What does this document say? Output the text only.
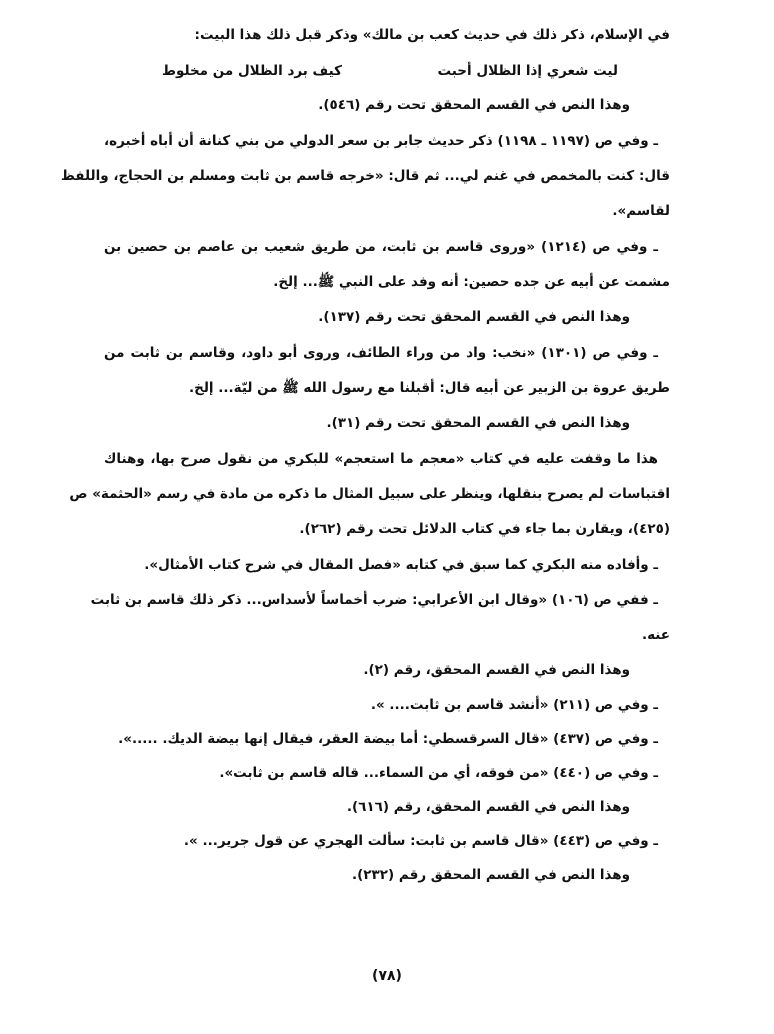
في الإسلام، ذكر ذلك في حديث كعب بن مالك» وذكر قبل ذلك هذا البيت:
ليت شعري إذا الظلال أحبت
كيف برد الظلال من مخلوط
وهذا النص في القسم المحقق تحت رقم (٥٤٦).
ـ وفي ص (١١٩٧ ـ ١١٩٨) ذكر حديث جابر بن سعر الدولي من بني كنانة أن أباه أخبره،
قال: كنت بالمخمص في غنم لي... ثم قال: «خرجه قاسم بن ثابت ومسلم بن الحجاج، واللفظ
لقاسم».
ـ وفي ص (١٢١٤) «وروى قاسم بن ثابت، من طريق شعيب بن عاصم بن حصين بن
مشمت عن أبيه عن جده حصين: أنه وفد على النبي ﷺ... إلخ.
وهذا النص في القسم المحقق تحت رقم (١٣٧).
ـ وفي ص (١٣٠١) «نخب: واد من وراء الطائف، وروى أبو داود، وقاسم بن ثابت من
طريق عروة بن الزبير عن أبيه قال: أقبلنا مع رسول الله ﷺ من ليّة... إلخ.
وهذا النص في القسم المحقق تحت رقم (٣١).
هذا ما وقفت عليه في كتاب «معجم ما استعجم» للبكري من نقول صرح بها، وهناك
اقتباسات لم يصرح بنقلها، وينظر على سبيل المثال ما ذكره من مادة في رسم «الحثمة» ص
(٤٢٥)، ويقارن بما جاء في كتاب الدلائل تحت رقم (٢٦٢).
ـ وأفاده منه البكري كما سبق في كتابه «فصل المقال في شرح كتاب الأمثال».
ـ ففي ص (١٠٦) «وقال ابن الأعرابي: ضرب أخماساً لأسداس... ذكر ذلك قاسم بن ثابت
عنه.
وهذا النص في القسم المحقق، رقم (٢).
ـ وفي ص (٢١١) «أنشد قاسم بن ثابت.... ».
ـ وفي ص (٤٣٧) «قال السرقسطي: أما بيضة العقر، فيقال إنها بيضة الديك. .....».
ـ وفي ص (٤٤٠) «من فوقه، أي من السماء... قاله قاسم بن ثابت».
وهذا النص في القسم المحقق، رقم (٦١٦).
ـ وفي ص (٤٤٣) «قال قاسم بن ثابت: سألت الهجري عن قول جرير... ».
وهذا النص في القسم المحقق رقم (٢٣٢).
(٧٨)
